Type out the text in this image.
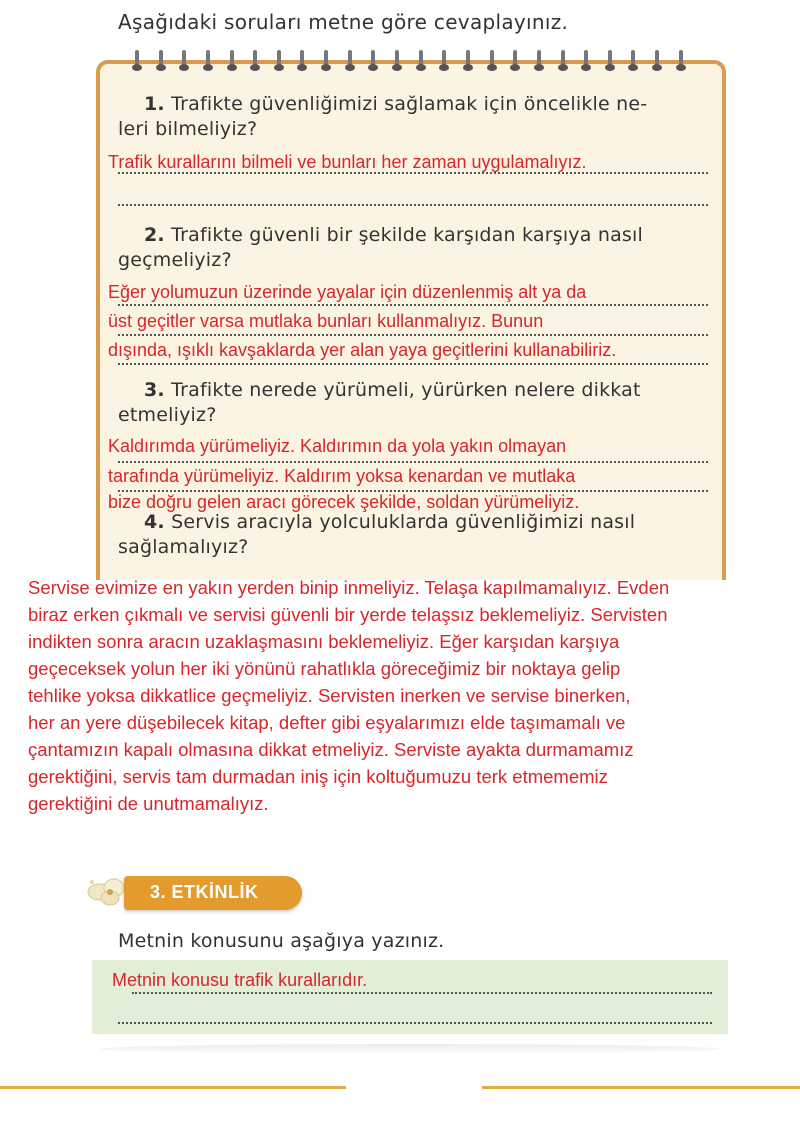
Aşağıdaki soruları metne göre cevaplayınız.
1. Trafikte güvenliğimizi sağlamak için öncelikle ne-
leri bilmeliyiz?
Trafik kurallarını bilmeli ve bunları her zaman uygulamalıyız.
2. Trafikte güvenli bir şekilde karşıdan karşıya nasıl
geçmeliyiz?
Eğer yolumuzun üzerinde yayalar için düzenlenmiş alt ya da
üst geçitler varsa mutlaka bunları kullanmalıyız. Bunun
dışında, ışıklı kavşaklarda yer alan yaya geçitlerini kullanabiliriz.
3. Trafikte nerede yürümeli, yürürken nelere dikkat
etmeliyiz?
Kaldırımda yürümeliyiz. Kaldırımın da yola yakın olmayan
tarafında yürümeliyiz. Kaldırım yoksa kenardan ve mutlaka
bize doğru gelen aracı görecek şekilde, soldan yürümeliyiz.
4. Servis aracıyla yolculuklarda güvenliğimizi nasıl
sağlamalıyız?
Servise evimize en yakın yerden binip inmeliyiz. Telaşa kapılmamalıyız. Evden
biraz erken çıkmalı ve servisi güvenli bir yerde telaşsız beklemeliyiz. Servisten
indikten sonra aracın uzaklaşmasını beklemeliyiz. Eğer karşıdan karşıya
geçeceksek yolun her iki yönünü rahatlıkla göreceğimiz bir noktaya gelip
tehlike yoksa dikkatlice geçmeliyiz. Servisten inerken ve servise binerken,
her an yere düşebilecek kitap, defter gibi eşyalarımızı elde taşımamalı ve
çantamızın kapalı olmasına dikkat etmeliyiz. Serviste ayakta durmamamız
gerektiğini, servis tam durmadan iniş için koltuğumuzu terk etmememiz
gerektiğini de unutmamalıyız.
3. ETKİNLİK
Metnin konusunu aşağıya yazınız.
Metnin konusu trafik kurallarıdır.
